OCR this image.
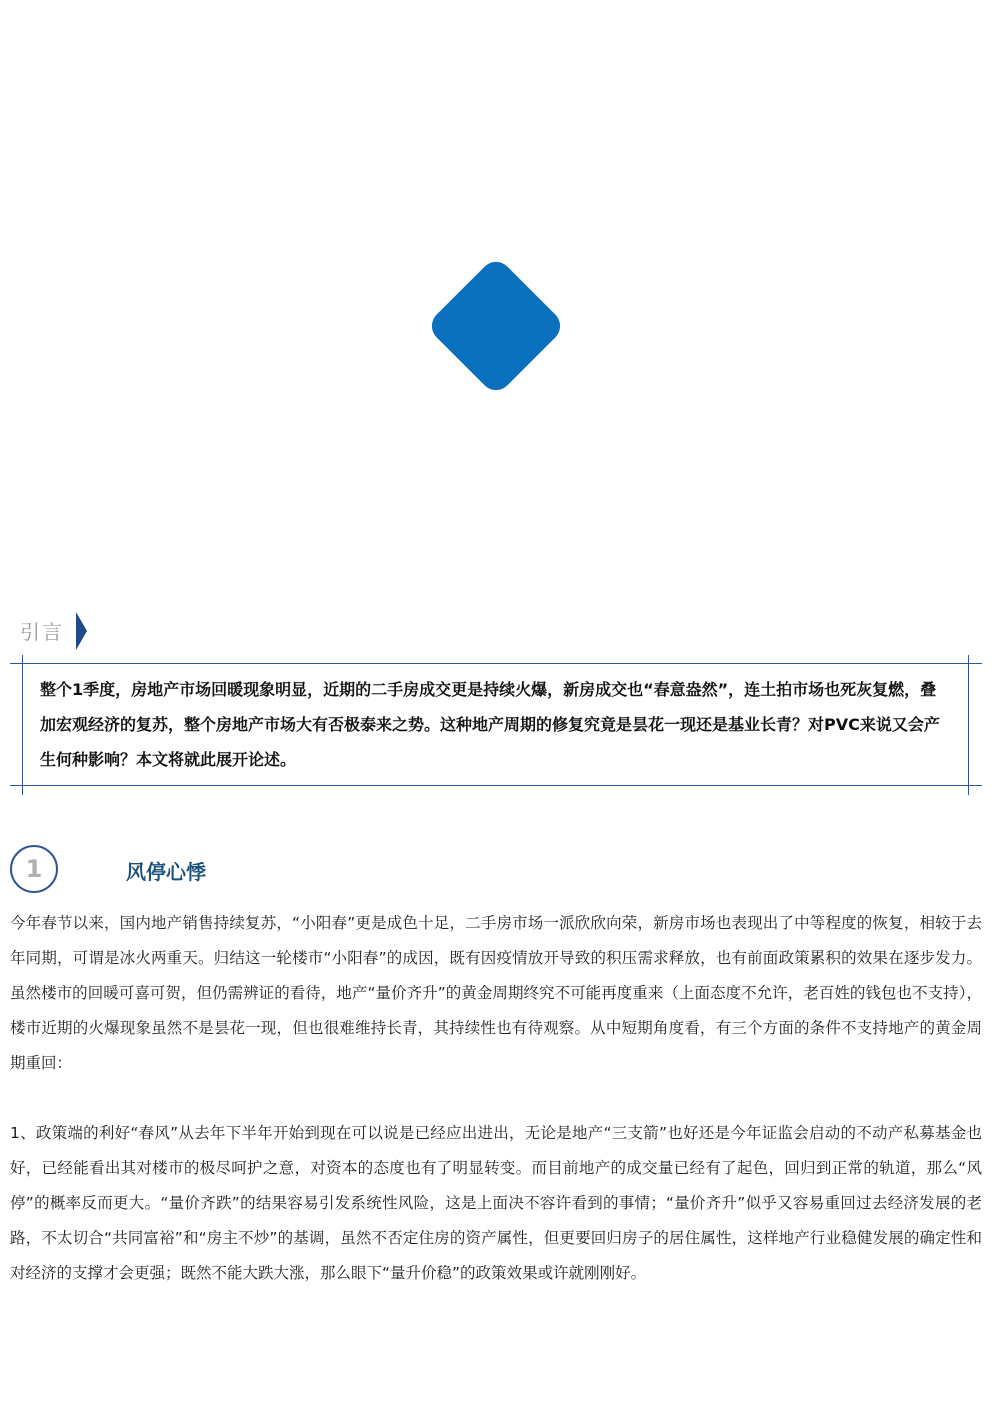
引言
整个1季度，房地产市场回暖现象明显，近期的二手房成交更是持续火爆，新房成交也“春意盎然”，连土拍市场也死灰复燃，叠加宏观经济的复苏，整个房地产市场大有否极泰来之势。这种地产周期的修复究竟是昙花一现还是基业长青？对PVC来说又会产生何种影响？本文将就此展开论述。
1	风停心悸

今年春节以来，国内地产销售持续复苏，“小阳春”更是成色十足，二手房市场一派欣欣向荣，新房市场也表现出了中等程度的恢复，相较于去年同期，可谓是冰火两重天。归结这一轮楼市“小阳春”的成因，既有因疫情放开导致的积压需求释放，也有前面政策累积的效果在逐步发力。虽然楼市的回暖可喜可贺，但仍需辨证的看待，地产“量价齐升”的黄金周期终究不可能再度重来（上面态度不允许，老百姓的钱包也不支持），楼市近期的火爆现象虽然不是昙花一现，但也很难维持长青，其持续性也有待观察。从中短期角度看，有三个方面的条件不支持地产的黄金周期重回：

1、政策端的利好“春风”从去年下半年开始到现在可以说是已经应出进出，无论是地产“三支箭”也好还是今年证监会启动的不动产私募基金也好，已经能看出其对楼市的极尽呵护之意，对资本的态度也有了明显转变。而目前地产的成交量已经有了起色，回归到正常的轨道，那么“风停”的概率反而更大。“量价齐跌”的结果容易引发系统性风险，这是上面决不容许看到的事情；“量价齐升”似乎又容易重回过去经济发展的老路，不太切合“共同富裕”和“房主不炒”的基调，虽然不否定住房的资产属性，但更要回归房子的居住属性，这样地产行业稳健发展的确定性和对经济的支撑才会更强；既然不能大跌大涨，那么眼下“量升价稳”的政策效果或许就刚刚好。
